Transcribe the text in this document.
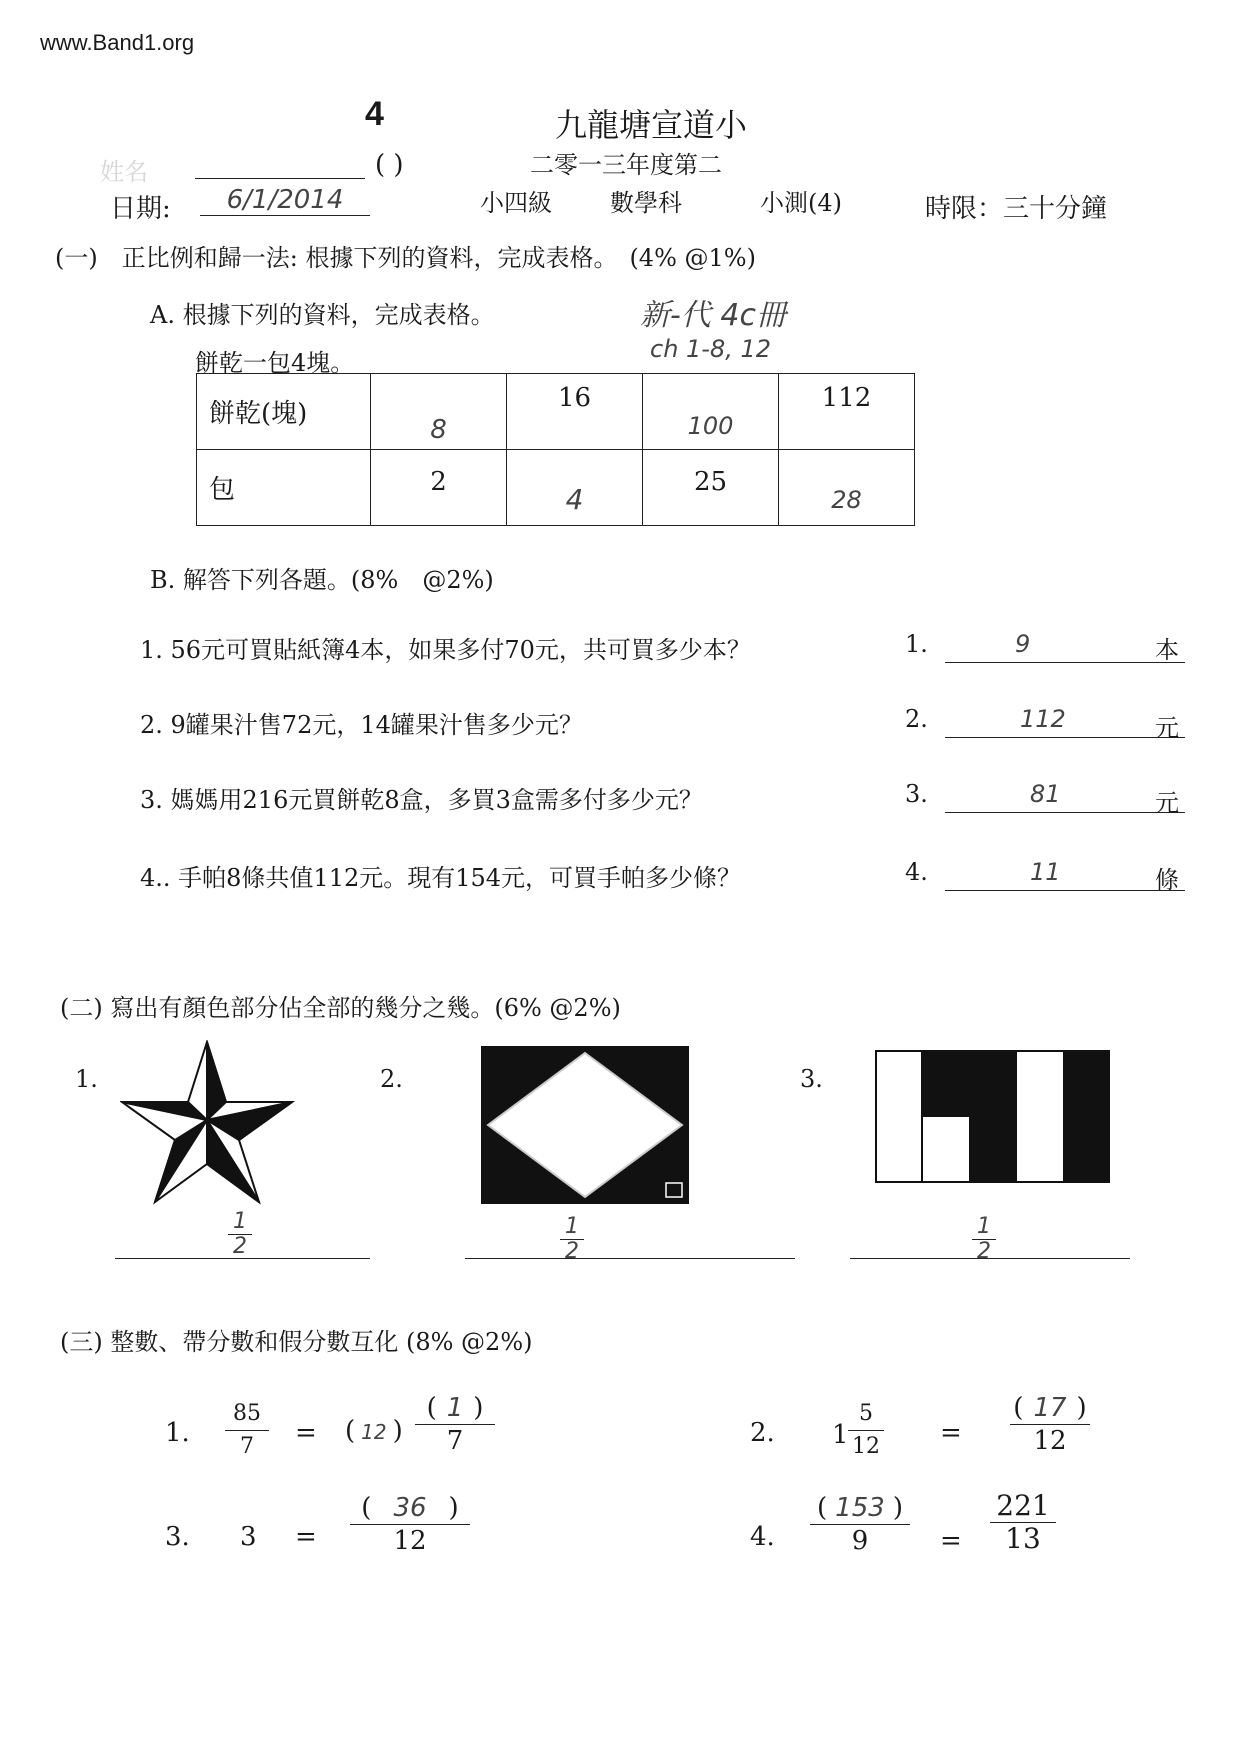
www.Band1.org
4	九龍塘宣道小
二零一三年度第二
姓名	( )
日期:	6/1/2014	小四級 數學科	小測(4)	時限：三十分鐘
(一)　正比例和歸一法: 根據下列的資料，完成表格。　(4% @1%)
A. 根據下列的資料，完成表格。	新-代 4c冊
ch 1-8, 12
餅乾一包4塊。
餅乾(塊)	8	16	100	112
包	2	4	25	28
B. 解答下列各題。(8%　@2%)
1. 56元可買貼紙簿4本，如果多付70元，共可買多少本？	1.	9	本
2. 9罐果汁售72元，14罐果汁售多少元？	2.	112	元
3. 媽媽用216元買餅乾8盒，多買3盒需多付多少元？	3.	81	元
4.. 手帕8條共值112元。現有154元，可買手帕多少條？	4.	11	條
(二) 寫出有顏色部分佔全部的幾分之幾。(6% @2%)
1.
$\frac{1}{2}$
2.
$\frac{1}{2}$
3.
$\frac{1}{2}$
(三) 整數、帶分數和假分數互化 (8% @2%)
1. $\frac{85}{7}$ = ( 12 ) $\frac{( 1 )}{7}$	2. $1 \frac{5}{12} = \frac{( 17 )}{12}$
3. $3 = \frac{( 36 )}{12}$	4. $\frac{( 153 )}{9} = \frac{221}{13}$
